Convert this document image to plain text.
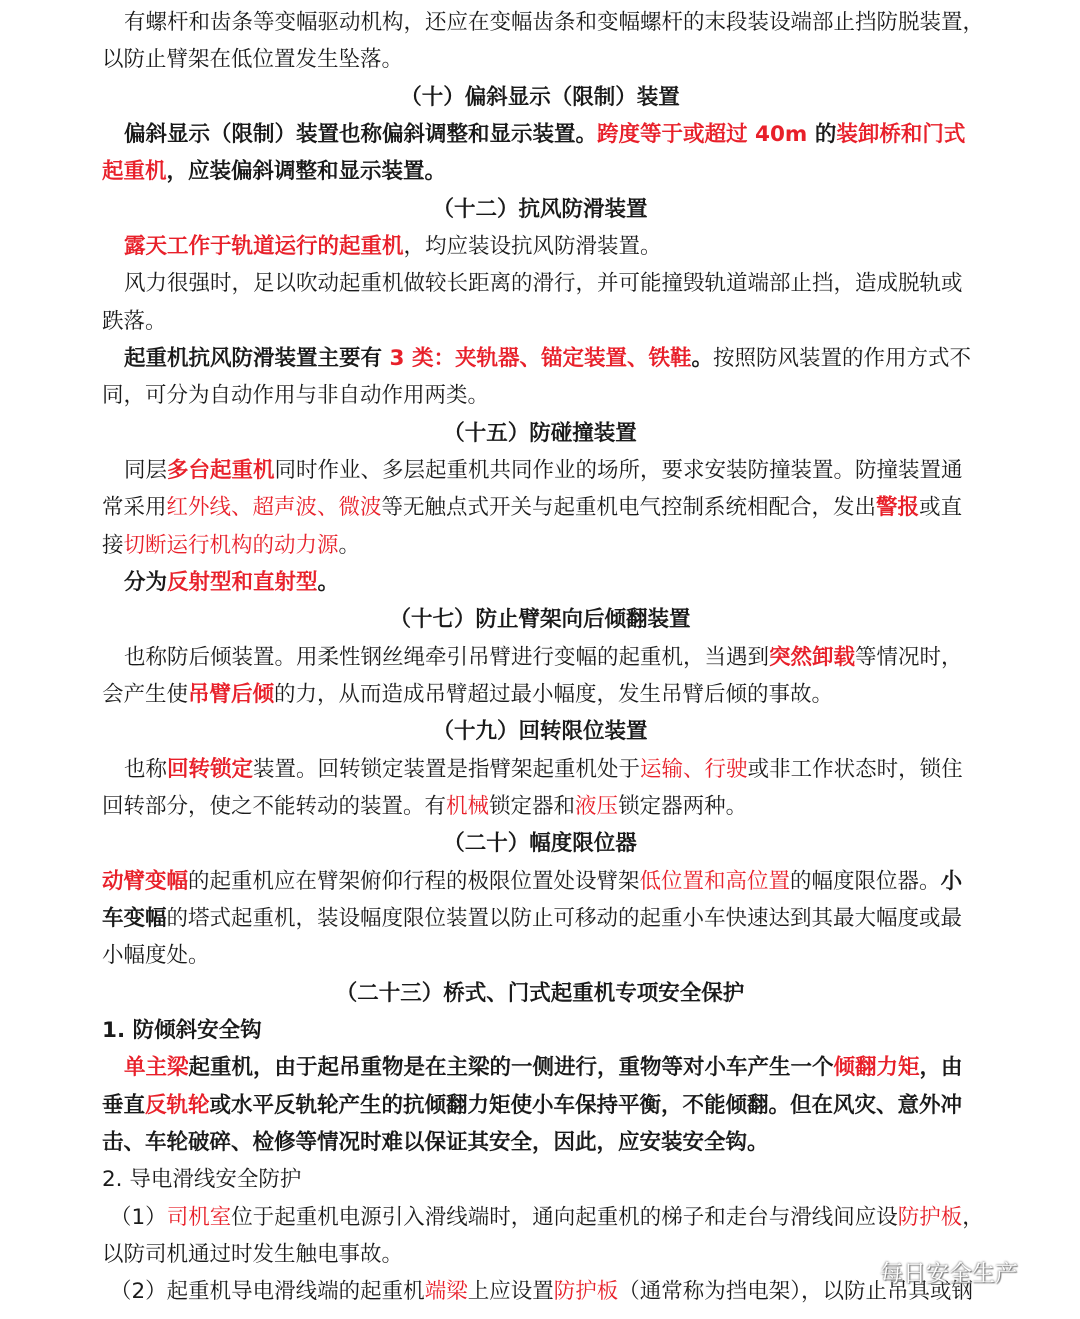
有螺杆和齿条等变幅驱动机构，还应在变幅齿条和变幅螺杆的末段装设端部止挡防脱装置，
以防止臂架在低位置发生坠落。
（十）偏斜显示（限制）装置
偏斜显示（限制）装置也称偏斜调整和显示装置。跨度等于或超过 40m 的装卸桥和门式
起重机，应装偏斜调整和显示装置。
（十二）抗风防滑装置
露天工作于轨道运行的起重机，均应装设抗风防滑装置。
风力很强时，足以吹动起重机做较长距离的滑行，并可能撞毁轨道端部止挡，造成脱轨或
跌落。
起重机抗风防滑装置主要有 3 类：夹轨器、锚定装置、铁鞋。按照防风装置的作用方式不
同，可分为自动作用与非自动作用两类。
（十五）防碰撞装置
同层多台起重机同时作业、多层起重机共同作业的场所，要求安装防撞装置。防撞装置通
常采用红外线、超声波、微波等无触点式开关与起重机电气控制系统相配合，发出警报或直
接切断运行机构的动力源。
分为反射型和直射型。
（十七）防止臂架向后倾翻装置
也称防后倾装置。用柔性钢丝绳牵引吊臂进行变幅的起重机，当遇到突然卸载等情况时，
会产生使吊臂后倾的力，从而造成吊臂超过最小幅度，发生吊臂后倾的事故。
（十九）回转限位装置
也称回转锁定装置。回转锁定装置是指臂架起重机处于运输、行驶或非工作状态时，锁住
回转部分，使之不能转动的装置。有机械锁定器和液压锁定器两种。
（二十）幅度限位器
动臂变幅的起重机应在臂架俯仰行程的极限位置处设臂架低位置和高位置的幅度限位器。小
车变幅的塔式起重机，装设幅度限位装置以防止可移动的起重小车快速达到其最大幅度或最
小幅度处。
（二十三）桥式、门式起重机专项安全保护
1. 防倾斜安全钩
单主梁起重机，由于起吊重物是在主梁的一侧进行，重物等对小车产生一个倾翻力矩，由
垂直反轨轮或水平反轨轮产生的抗倾翻力矩使小车保持平衡，不能倾翻。但在风灾、意外冲
击、车轮破碎、检修等情况时难以保证其安全，因此，应安装安全钩。
2. 导电滑线安全防护
（1）司机室位于起重机电源引入滑线端时，通向起重机的梯子和走台与滑线间应设防护板，
以防司机通过时发生触电事故。
（2）起重机导电滑线端的起重机端梁上应设置防护板（通常称为挡电架），以防止吊具或钢
每日安全生产
